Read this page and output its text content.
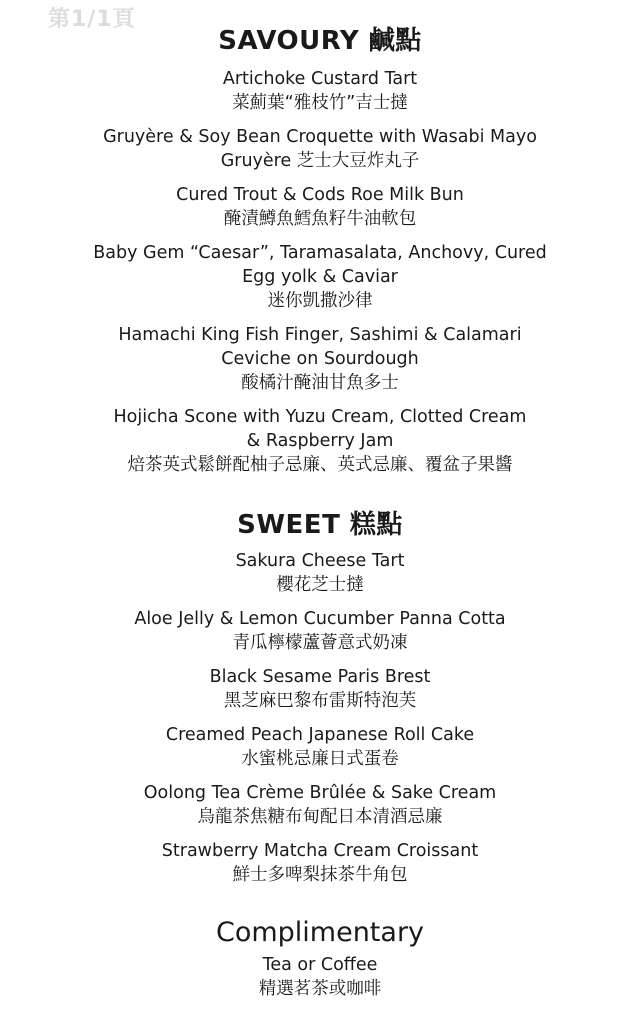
第1/1頁
SAVOURY 鹹點
Artichoke Custard Tart
菜薊葉“雅枝竹”吉士撻
Gruyère & Soy Bean Croquette with Wasabi Mayo
Gruyère 芝士大豆炸丸子
Cured Trout & Cods Roe Milk Bun
醃漬鱒魚鱈魚籽牛油軟包
Baby Gem “Caesar”, Taramasalata, Anchovy, Cured
Egg yolk & Caviar
迷你凱撒沙律
Hamachi King Fish Finger, Sashimi & Calamari
Ceviche on Sourdough
酸橘汁醃油甘魚多士
Hojicha Scone with Yuzu Cream, Clotted Cream
& Raspberry Jam
焙茶英式鬆餅配柚子忌廉、英式忌廉、覆盆子果醬
SWEET 糕點
Sakura Cheese Tart
櫻花芝士撻
Aloe Jelly & Lemon Cucumber Panna Cotta
青瓜檸檬蘆薈意式奶凍
Black Sesame Paris Brest
黑芝麻巴黎布雷斯特泡芙
Creamed Peach Japanese Roll Cake
水蜜桃忌廉日式蛋卷
Oolong Tea Crème Brûlée & Sake Cream
烏龍茶焦糖布甸配日本清酒忌廉
Strawberry Matcha Cream Croissant
鮮士多啤梨抹茶牛角包
Complimentary
Tea or Coffee
精選茗茶或咖啡
